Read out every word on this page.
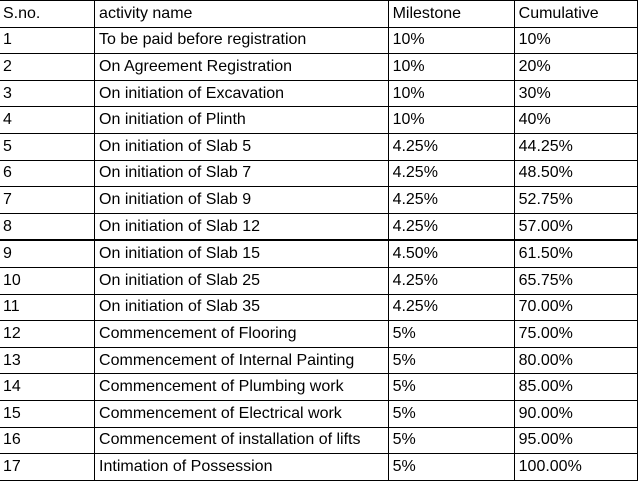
S.no.	activity name	Milestone	Cumulative
1	To be paid before registration	10%	10%
2	On Agreement Registration	10%	20%
3	On initiation of Excavation	10%	30%
4	On initiation of Plinth	10%	40%
5	On initiation of Slab 5	4.25%	44.25%
6	On initiation of Slab 7	4.25%	48.50%
7	On initiation of Slab 9	4.25%	52.75%
8	On initiation of Slab 12	4.25%	57.00%
9	On initiation of Slab 15	4.50%	61.50%
10	On initiation of Slab 25	4.25%	65.75%
11	On initiation of Slab 35	4.25%	70.00%
12	Commencement of Flooring	5%	75.00%
13	Commencement of Internal Painting	5%	80.00%
14	Commencement of Plumbing work	5%	85.00%
15	Commencement of Electrical work	5%	90.00%
16	Commencement of installation of lifts	5%	95.00%
17	Intimation of Possession	5%	100.00%
